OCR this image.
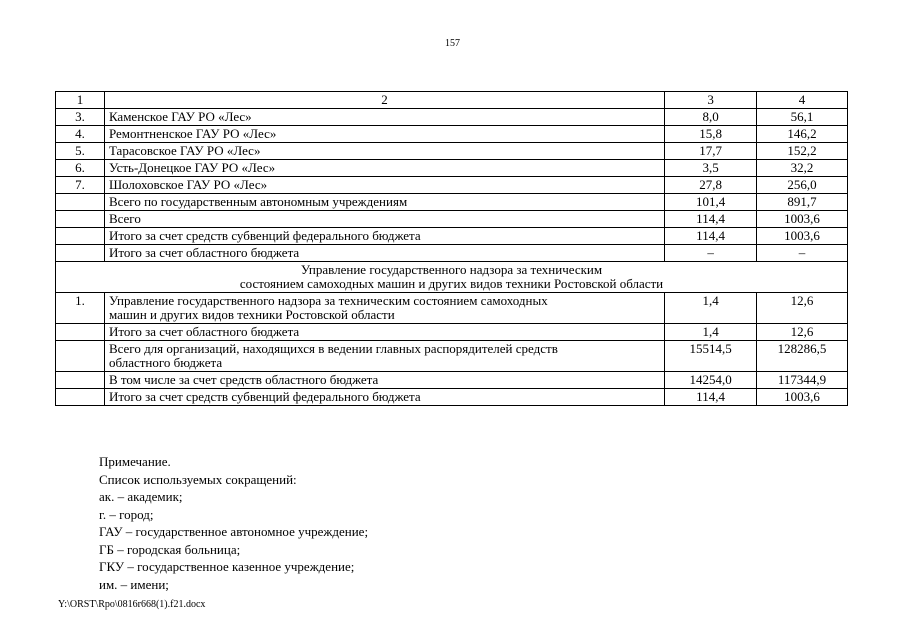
157
1	2	3	4
3.	Каменское ГАУ РО «Лес»	8,0	56,1
4.	Ремонтненское ГАУ РО «Лес»	15,8	146,2
5.	Тарасовское ГАУ РО «Лес»	17,7	152,2
6.	Усть-Донецкое ГАУ РО «Лес»	3,5	32,2
7.	Шолоховское ГАУ РО «Лес»	27,8	256,0
	Всего по государственным автономным учреждениям	101,4	891,7
	Всего	114,4	1003,6
	Итого за счет средств субвенций федерального бюджета	114,4	1003,6
	Итого за счет областного бюджета	–	–

Управление государственного надзора за техническим
состоянием самоходных машин и других видов техники Ростовской области			

1.	Управление государственного надзора за техническим состоянием самоходных
машин и других видов техники Ростовской области	1,4	12,6
	Итого за счет областного бюджета	1,4	12,6

	Всего для организаций, находящихся в ведении главных распорядителей средств
областного бюджета	15514,5	128286,5
	В том числе за счет средств областного бюджета	14254,0	117344,9
	Итого за счет средств субвенций федерального бюджета	114,4	1003,6
Примечание.
Список используемых сокращений:
ак. – академик;
г. – город;
ГАУ – государственное автономное учреждение;
ГБ – городская больница;
ГКУ – государственное казенное учреждение;
им. – имени;
Y:\ORST\Rpo\0816r668(1).f21.docx
